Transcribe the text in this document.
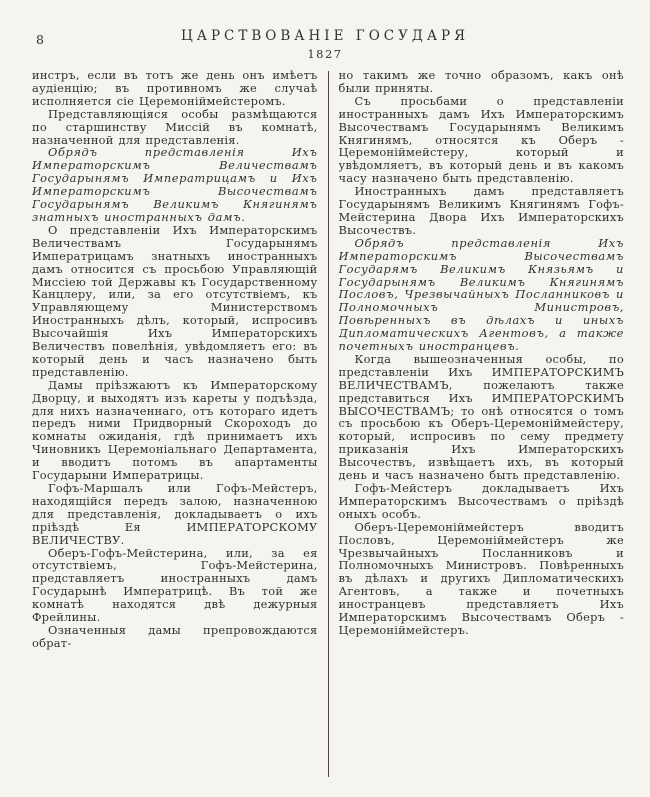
8	ЦАРСТВОВАНІЕ ГОСУДАРЯ
1827

инстръ, если въ тотъ же день онъ имѣетъ аудіенцію; въ противномъ же случаѣ исполняется сіе Церемоніймейстеромъ.

Представляющіяся особы размѣщаются по старшинству Миссій въ комнатѣ, назначенной для представленія.

Обрядъ представленія Ихъ Императорскимъ Величествамъ Государынямъ Императрицамъ и Ихъ Императорскимъ Высочествамъ Государынямъ Великимъ Княгинямъ знатныхъ иностранныхъ дамъ.

О представленіи Ихъ Императорскимъ Величествамъ Государынямъ Императрицамъ знатныхъ иностранныхъ дамъ относится съ просьбою Управляющій Миссіею той Державы къ Государственному Канцлеру, или, за его отсутствіемъ, къ Управляющему Министерствомъ Иностранныхъ дѣлъ, который, испросивъ Высочайшія Ихъ Императорскихъ Величествъ повелѣнія, увѣдомляетъ его: въ который день и часъ назначено быть представленію.

Дамы пріѣзжаютъ къ Императорскому Дворцу, и выходятъ изъ кареты у подъѣзда, для нихъ назначеннаго, отъ котораго идетъ передъ ними Придворный Скороходъ до комнаты ожиданія, гдѣ принимаетъ ихъ Чиновникъ Церемоніальнаго Департамента, и вводитъ потомъ въ апартаменты Государыни Императрицы.

Гофъ-Маршалъ или Гофъ-Мейстеръ, находящійся передъ залою, назначенною для представленія, докладываетъ о ихъ пріѣздѣ Ея ИМПЕРАТОРСКОМУ ВЕЛИЧЕСТВУ.

Оберъ-Гофъ-Мейстерина, или, за ея отсутствіемъ, Гофъ-Мейстерина, представляетъ иностранныхъ дамъ Государынѣ Императрицѣ. Въ той же комнатѣ находятся двѣ дежурныя Фрейлины.

Означенныя дамы препровождаются обрат-

но такимъ же точно образомъ, какъ онѣ были приняты.

Съ просьбами о представленіи иностранныхъ дамъ Ихъ Императорскимъ Высочествамъ Государынямъ Великимъ Княгинямъ, относятся къ Оберъ - Церемоніймейстеру, который и увѣдомляетъ, въ который день и въ какомъ часу назначено быть представленію.

Иностранныхъ дамъ представляетъ Государынямъ Великимъ Княгинямъ Гофъ-Мейстерина Двора Ихъ Императорскихъ Высочествъ.

Обрядъ представленія Ихъ Императорскимъ Высочествамъ Государямъ Великимъ Князьямъ и Государынямъ Великимъ Княгинямъ Пословъ, Чрезвычайныхъ Посланниковъ и Полномочныхъ Министровъ, Повѣренныхъ въ дѣлахъ и иныхъ Дипломатическихъ Агентовъ, а также почетныхъ иностранцевъ.

Когда вышеозначенныя особы, по представленіи Ихъ ИМПЕРАТОРСКИМЪ ВЕЛИЧЕСТВАМЪ, пожелаютъ также представиться Ихъ ИМПЕРАТОРСКИМЪ ВЫСОЧЕСТВАМЪ; то онѣ относятся о томъ съ просьбою къ Оберъ-Церемоніймейстеру, который, испросивъ по сему предмету приказанія Ихъ Императорскихъ Высочествъ, извѣщаетъ ихъ, въ который день и часъ назначено быть представленію.

Гофъ-Мейстеръ докладываетъ Ихъ Императорскимъ Высочествамъ о пріѣздѣ оныхъ особъ.

Оберъ-Церемоніймейстеръ вводитъ Пословъ, Церемоніймейстеръ же Чрезвычайныхъ Посланниковъ и Полномочныхъ Министровъ. Повѣренныхъ въ дѣлахъ и другихъ Дипломатическихъ Агентовъ, а также и почетныхъ иностранцевъ представляетъ Ихъ Императорскимъ Высочествамъ Оберъ - Церемоніймейстеръ.
